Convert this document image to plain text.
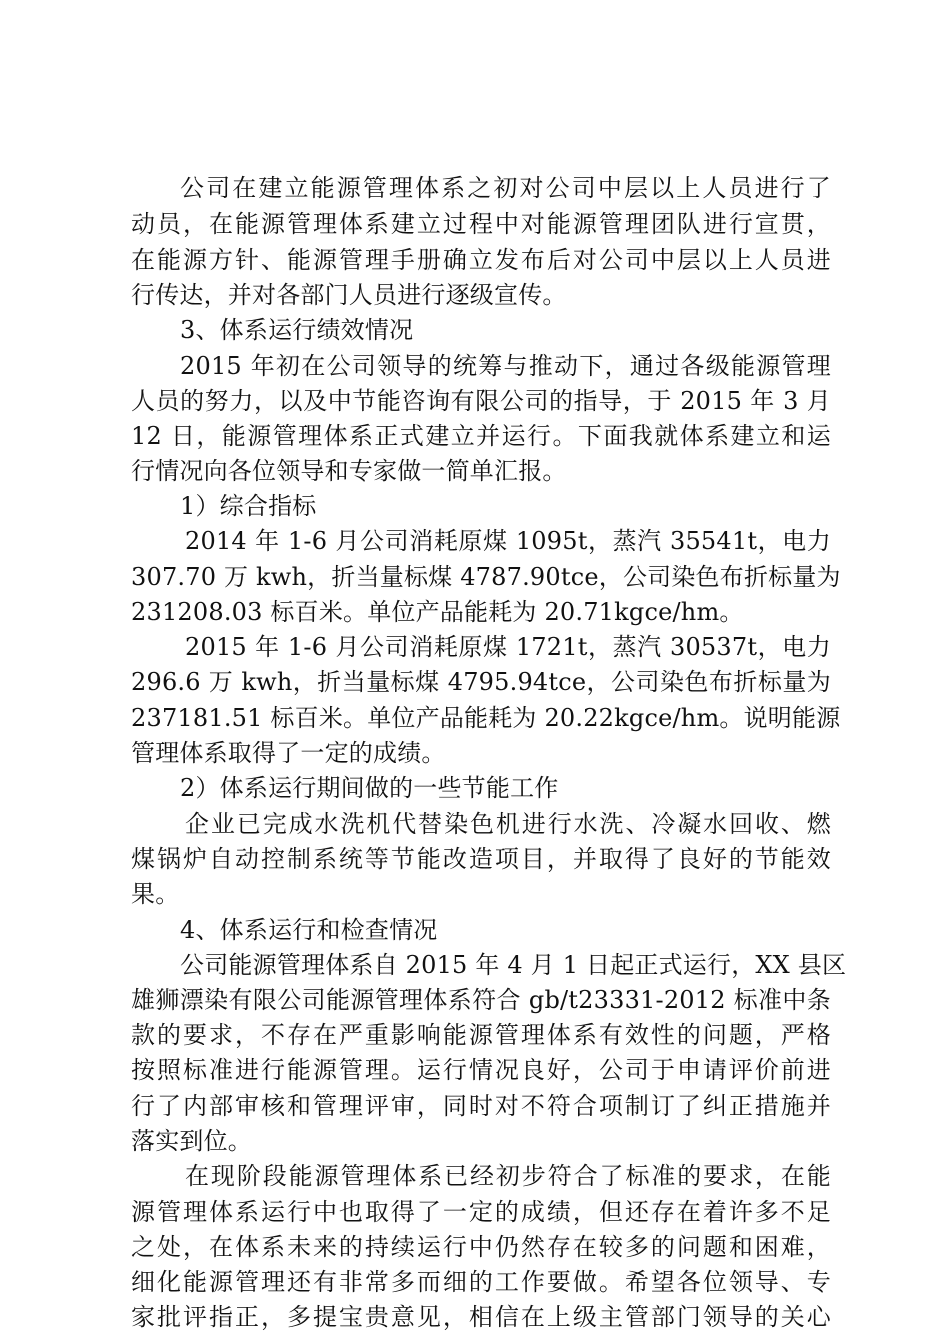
公司在建立能源管理体系之初对公司中层以上人员进行了
动员，在能源管理体系建立过程中对能源管理团队进行宣贯，
在能源方针、能源管理手册确立发布后对公司中层以上人员进
行传达，并对各部门人员进行逐级宣传。
3、体系运行绩效情况
2015 年初在公司领导的统筹与推动下，通过各级能源管理
人员的努力，以及中节能咨询有限公司的指导，于 2015 年 3 月
12 日，能源管理体系正式建立并运行。下面我就体系建立和运
行情况向各位领导和专家做一简单汇报。
1）综合指标
2014 年 1-6 月公司消耗原煤 1095t，蒸汽 35541t，电力
307.70 万 kwh，折当量标煤 4787.90tce，公司染色布折标量为
231208.03 标百米。单位产品能耗为 20.71kgce/hm。
2015 年 1-6 月公司消耗原煤 1721t，蒸汽 30537t，电力
296.6 万 kwh，折当量标煤 4795.94tce，公司染色布折标量为
237181.51 标百米。单位产品能耗为 20.22kgce/hm。说明能源
管理体系取得了一定的成绩。
2）体系运行期间做的一些节能工作
企业已完成水洗机代替染色机进行水洗、冷凝水回收、燃
煤锅炉自动控制系统等节能改造项目，并取得了良好的节能效
果。
4、体系运行和检查情况
公司能源管理体系自 2015 年 4 月 1 日起正式运行，XX 县区
雄狮漂染有限公司能源管理体系符合 gb/t23331-2012 标准中条
款的要求，不存在严重影响能源管理体系有效性的问题，严格
按照标准进行能源管理。运行情况良好，公司于申请评价前进
行了内部审核和管理评审，同时对不符合项制订了纠正措施并
落实到位。
在现阶段能源管理体系已经初步符合了标准的要求，在能
源管理体系运行中也取得了一定的成绩，但还存在着许多不足
之处，在体系未来的持续运行中仍然存在较多的问题和困难，
细化能源管理还有非常多而细的工作要做。希望各位领导、专
家批评指正，多提宝贵意见，相信在上级主管部门领导的关心
